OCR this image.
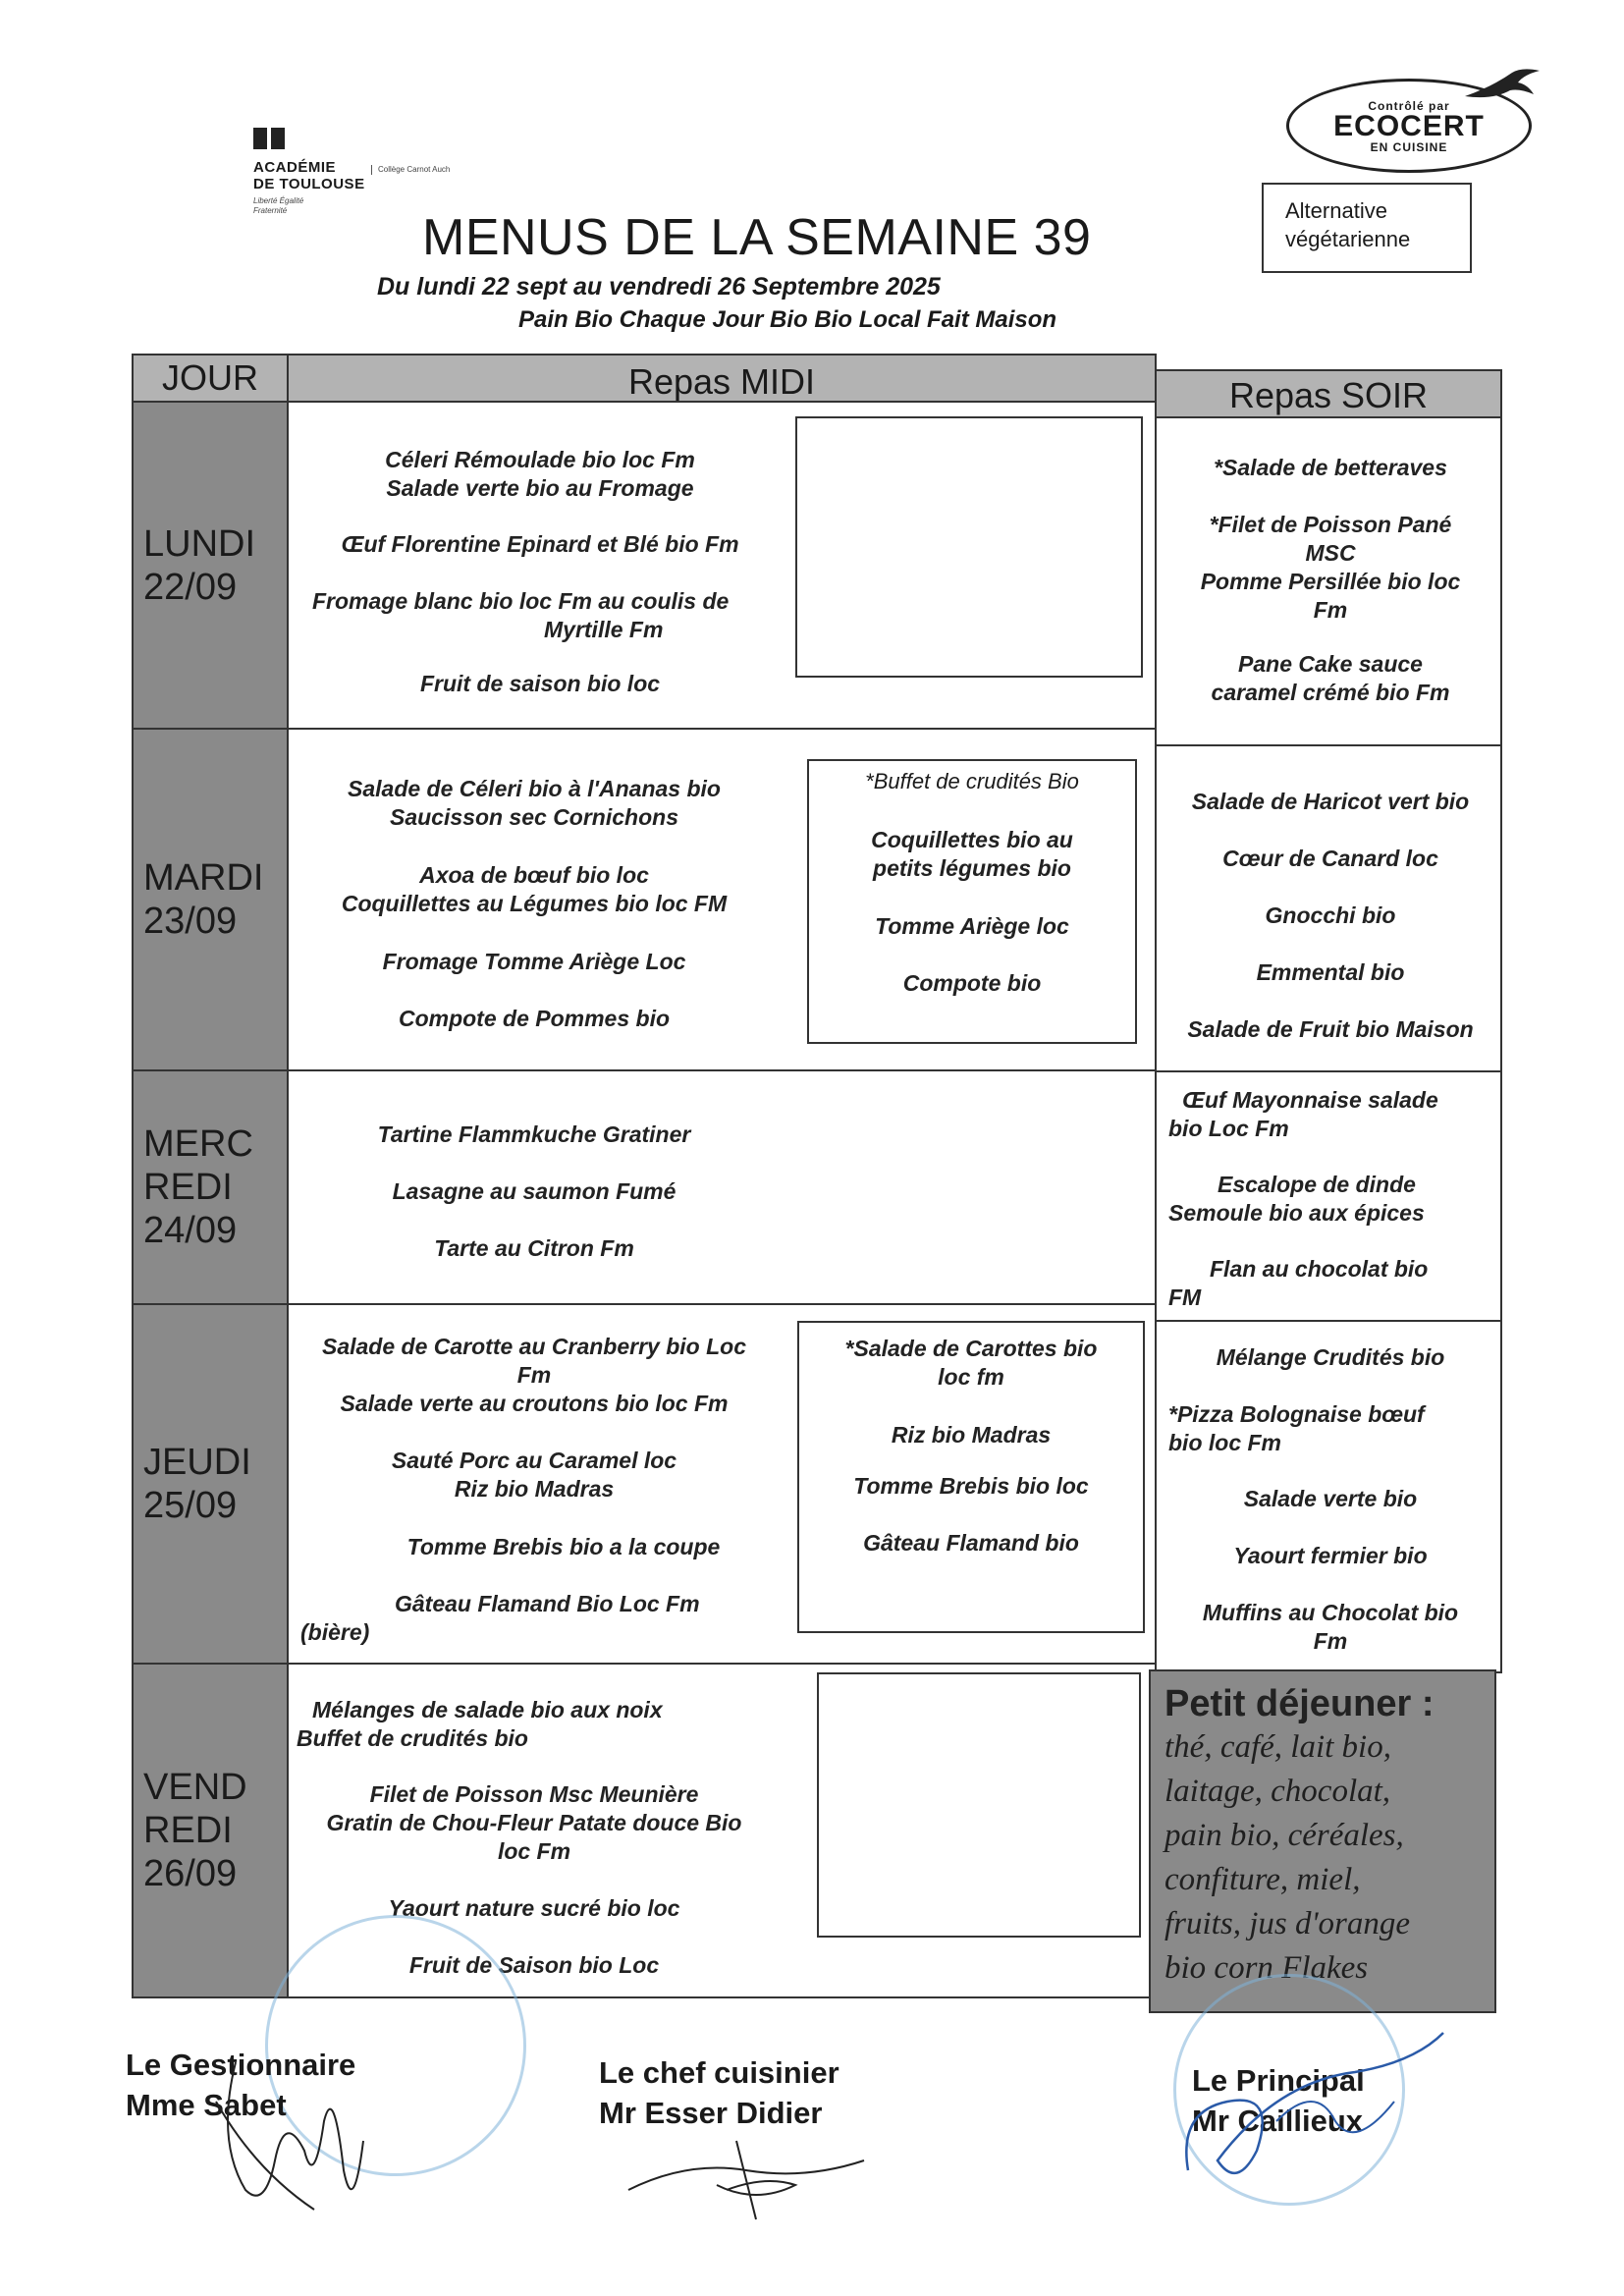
ACADÉMIE
DE TOULOUSE
Liberté Égalité Fraternité
Collège Carnot Auch
MENUS DE LA SEMAINE 39
Du lundi 22 sept au vendredi 26 Septembre 2025
Pain Bio Chaque Jour Bio Bio Local Fait Maison
Contrôlé par
ECOCERT
EN CUISINE
Alternative
végétarienne
JOUR	Repas MIDI	Repas SOIR
LUNDI
22/09
Céleri Rémoulade bio loc Fm
Salade verte bio au Fromage
Œuf Florentine Epinard et Blé bio Fm
Fromage blanc bio loc Fm au coulis de
Myrtille Fm
Fruit de saison bio loc
*Salade de betteraves
*Filet de Poisson Pané
MSC
Pomme Persillée bio loc
Fm
Pane Cake sauce
caramel crémé bio Fm
MARDI
23/09
Salade de Céleri bio à l'Ananas bio
Saucisson sec Cornichons
Axoa de bœuf bio loc
Coquillettes au Légumes bio loc FM
Fromage Tomme Ariège Loc
Compote de Pommes bio
*Buffet de crudités Bio
Coquillettes bio au
petits légumes bio
Tomme Ariège loc
Compote bio
Salade de Haricot vert bio
Cœur de Canard loc
Gnocchi bio
Emmental bio
Salade de Fruit bio Maison
MERC
REDI
24/09
Tartine Flammkuche Gratiner
Lasagne au saumon Fumé
Tarte au Citron Fm
Œuf Mayonnaise salade
bio Loc Fm
Escalope de dinde
Semoule bio aux épices
Flan au chocolat bio
FM
JEUDI
25/09
Salade de Carotte au Cranberry bio Loc
Fm
Salade verte au croutons bio loc Fm
Sauté Porc au Caramel loc
Riz bio Madras
Tomme Brebis bio a la coupe
Gâteau Flamand Bio Loc Fm
(bière)
*Salade de Carottes bio
loc fm
Riz bio Madras
Tomme Brebis bio loc
Gâteau Flamand bio
Mélange Crudités bio
*Pizza Bolognaise bœuf
bio loc Fm
Salade verte bio
Yaourt fermier bio
Muffins au Chocolat bio
Fm
VEND
REDI
26/09
Mélanges de salade bio aux noix
Buffet de crudités bio
Filet de Poisson Msc Meunière
Gratin de Chou-Fleur Patate douce Bio
loc Fm
Yaourt nature sucré bio loc
Fruit de Saison bio Loc
Petit déjeuner :
thé, café, lait bio,
laitage, chocolat,
pain bio, céréales,
confiture, miel,
fruits, jus d'orange
bio corn Flakes
Le Gestionnaire
Mme Sabet
Le chef cuisinier
Mr Esser Didier
Le Principal
Mr Caillieux
